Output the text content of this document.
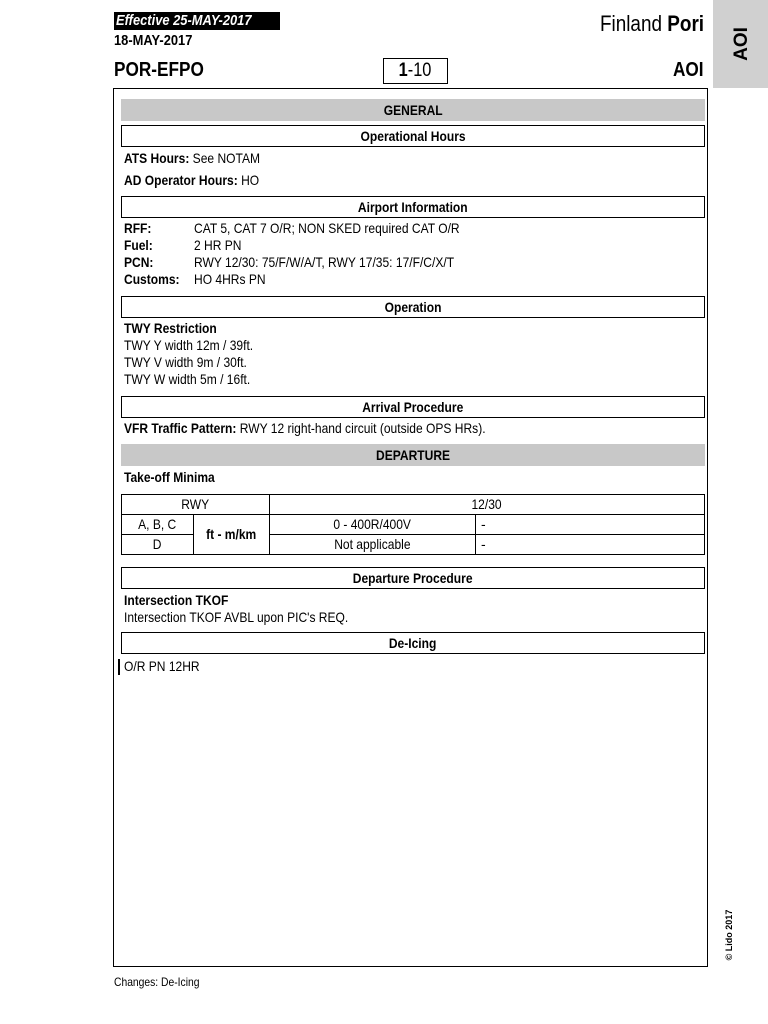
Effective 25-MAY-2017
18-MAY-2017
POR-EFPO	1-10
Finland Pori
AOI
AOI
© Lido 2017
GENERAL
Operational Hours
ATS Hours: See NOTAM
AD Operator Hours: HO
Airport Information
RFF:	CAT 5, CAT 7 O/R; NON SKED required CAT O/R
Fuel:	2 HR PN
PCN:	RWY 12/30: 75/F/W/A/T, RWY 17/35: 17/F/C/X/T
Customs: HO 4HRs PN
Operation
TWY Restriction
TWY Y width 12m / 39ft.
TWY V width 9m / 30ft.
TWY W width 5m / 16ft.
Arrival Procedure
VFR Traffic Pattern: RWY 12 right-hand circuit (outside OPS HRs).
DEPARTURE
Take-off Minima
RWY		12/30	
A, B, C	ft - m/km	0 - 400R/400V	-
D		Not applicable	-
Departure Procedure
Intersection TKOF
Intersection TKOF AVBL upon PIC's REQ.
De-Icing
O/R PN 12HR
Changes: De-Icing
